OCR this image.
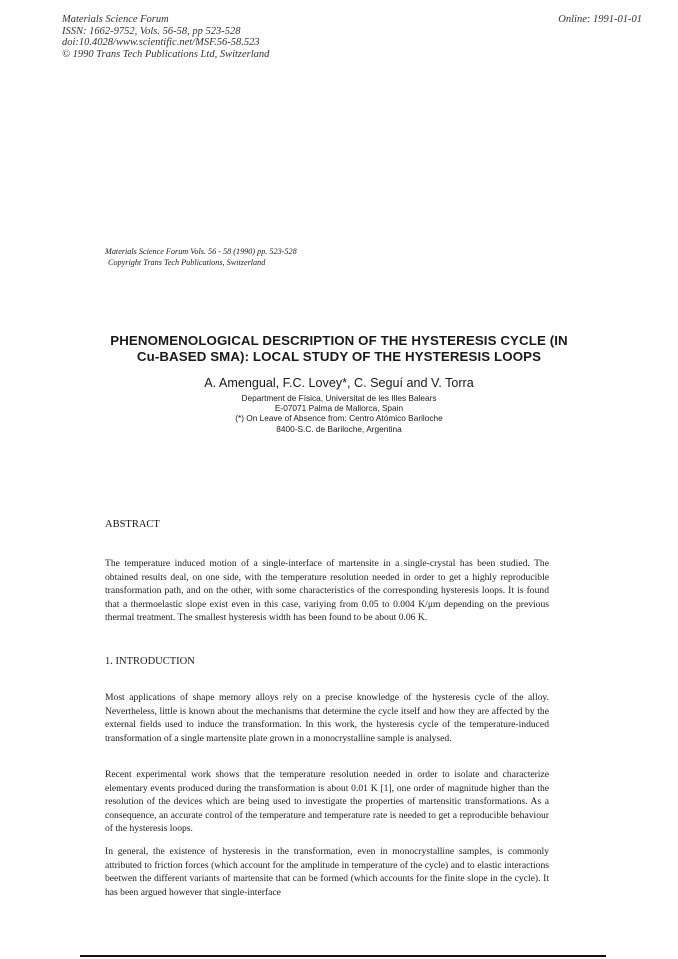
Materials Science Forum
ISSN: 1662-9752, Vols. 56-58, pp 523-528
doi:10.4028/www.scientific.net/MSF.56-58.523
© 1990 Trans Tech Publications Ltd, Switzerland
Online: 1991-01-01
Materials Science Forum Vols. 56 - 58 (1990) pp. 523-528
Copyright Trans Tech Publications, Switzerland
PHENOMENOLOGICAL DESCRIPTION OF THE HYSTERESIS CYCLE (IN
Cu-BASED SMA): LOCAL STUDY OF THE HYSTERESIS LOOPS
A. Amengual, F.C. Lovey*, C. Seguí and V. Torra
Department de Física, Universitat de les Illes Balears
E-07071 Palma de Mallorca, Spain
(*) On Leave of Absence from: Centro Atómico Bariloche
8400-S.C. de Bariloche, Argentina
ABSTRACT
The temperature induced motion of a single-interface of martensite in a single-crystal has been studied. The obtained results deal, on one side, with the temperature resolution needed in order to get a highly reproducible transformation path, and on the other, with some characteristics of the corresponding hysteresis loops. It is found that a thermoelastic slope exist even in this case, variying from 0.05 to 0.004 K/μm depending on the previous thermal treatment. The smallest hysteresis width has been found to be about 0.06 K.
1. INTRODUCTION
Most applications of shape memory alloys rely on a precise knowledge of the hysteresis cycle of the alloy. Nevertheless, little is known about the mechanisms that determine the cycle itself and how they are affected by the external fields used to induce the transformation. In this work, the hysteresis cycle of the temperature-induced transformation of a single martensite plate grown in a monocrystalline sample is analysed.
Recent experimental work shows that the temperature resolution needed in order to isolate and characterize elementary events produced during the transformation is about 0.01 K [1], one order of magnitude higher than the resolution of the devices which are being used to investigate the properties of martensitic transformations. As a consequence, an accurate control of the temperature and temperature rate is needed to get a reproducible behaviour of the hysteresis loops.
In general, the existence of hysteresis in the transformation, even in monocrystalline samples, is commonly attributed to friction forces (which account for the amplitude in temperature of the cycle) and to elastic interactions beetwen the different variants of martensite that can be formed (which accounts for the finite slope in the cycle). It has been argued however that single-interface
